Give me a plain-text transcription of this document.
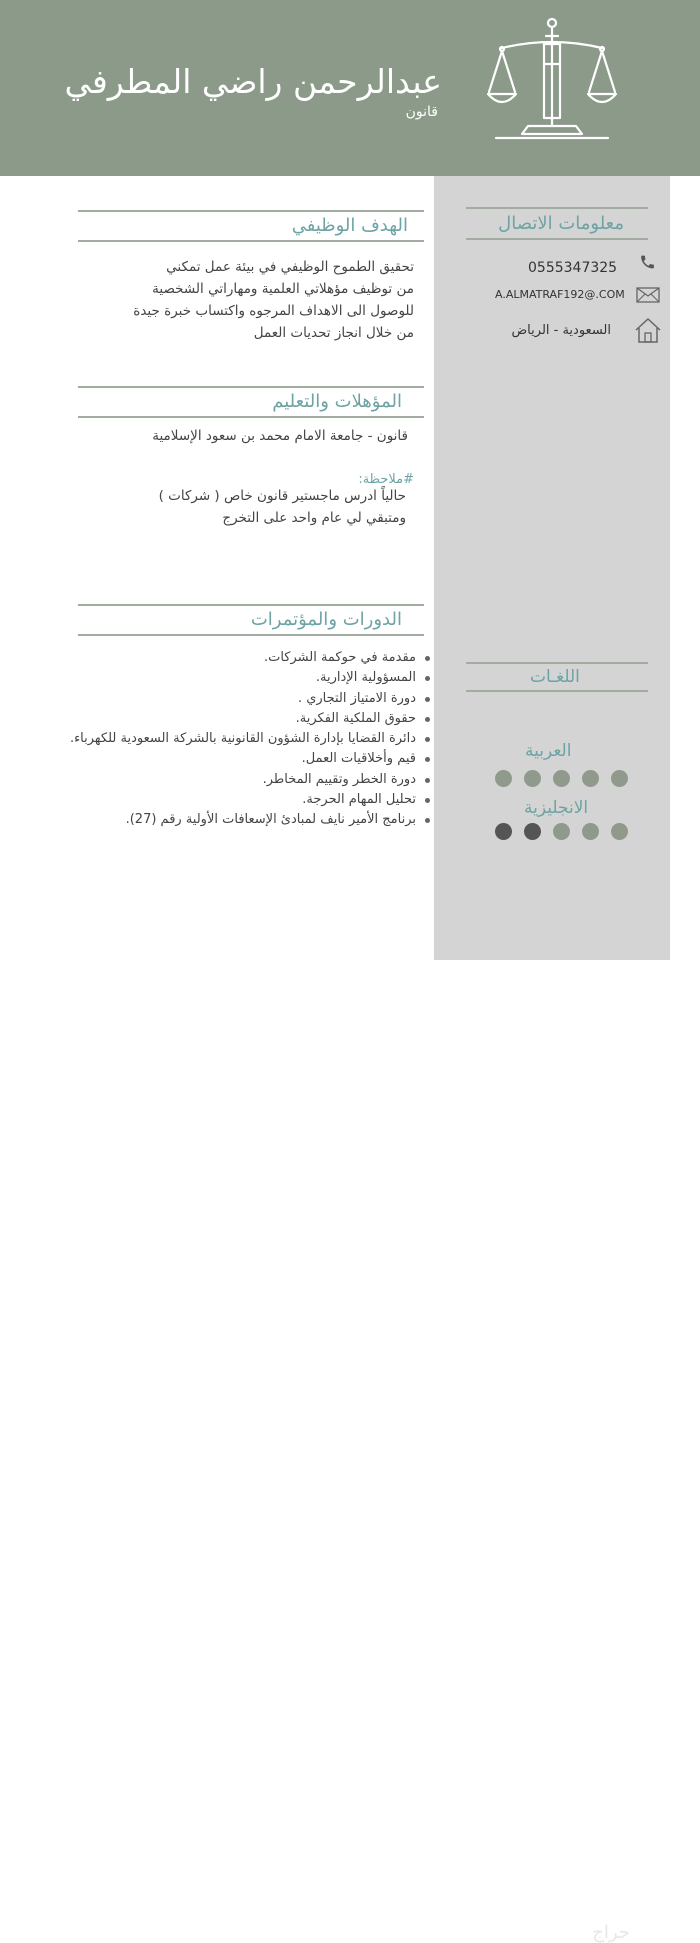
عبدالرحمن راضي المطرفي
قانون
معلومات الاتصال
0555347325
A.ALMATRAF192@.COM
السعودية - الرياض
اللغـات
العربية
الانجليزية
الهدف الوظيفي
تحقيق الطموح الوظيفي في بيئة عمل تمكني
من توظيف مؤهلاتي العلمية ومهاراتي الشخصية
للوصول الى الاهداف المرجوه واكتساب خبرة جيدة
من خلال انجاز تحديات العمل
المؤهلات والتعليم
قانون - جامعة الامام محمد بن سعود الإسلامية
#ملاحظة:
حالياً ادرس ماجستير قانون خاص ( شركات )
ومتبقي لي عام واحد على التخرج
الدورات والمؤتمرات
مقدمة في حوكمة الشركات.
المسؤولية الإدارية.
دورة الامتياز التجاري .
حقوق الملكية الفكرية.
دائرة القضايا بإدارة الشؤون القانونية بالشركة السعودية للكهرباء.
قيم وأخلاقيات العمل.
دورة الخطر وتقييم المخاطر.
تحليل المهام الحرجة.
برنامج الأمير نايف لمبادئ الإسعافات الأولية رقم (27).
حراج
